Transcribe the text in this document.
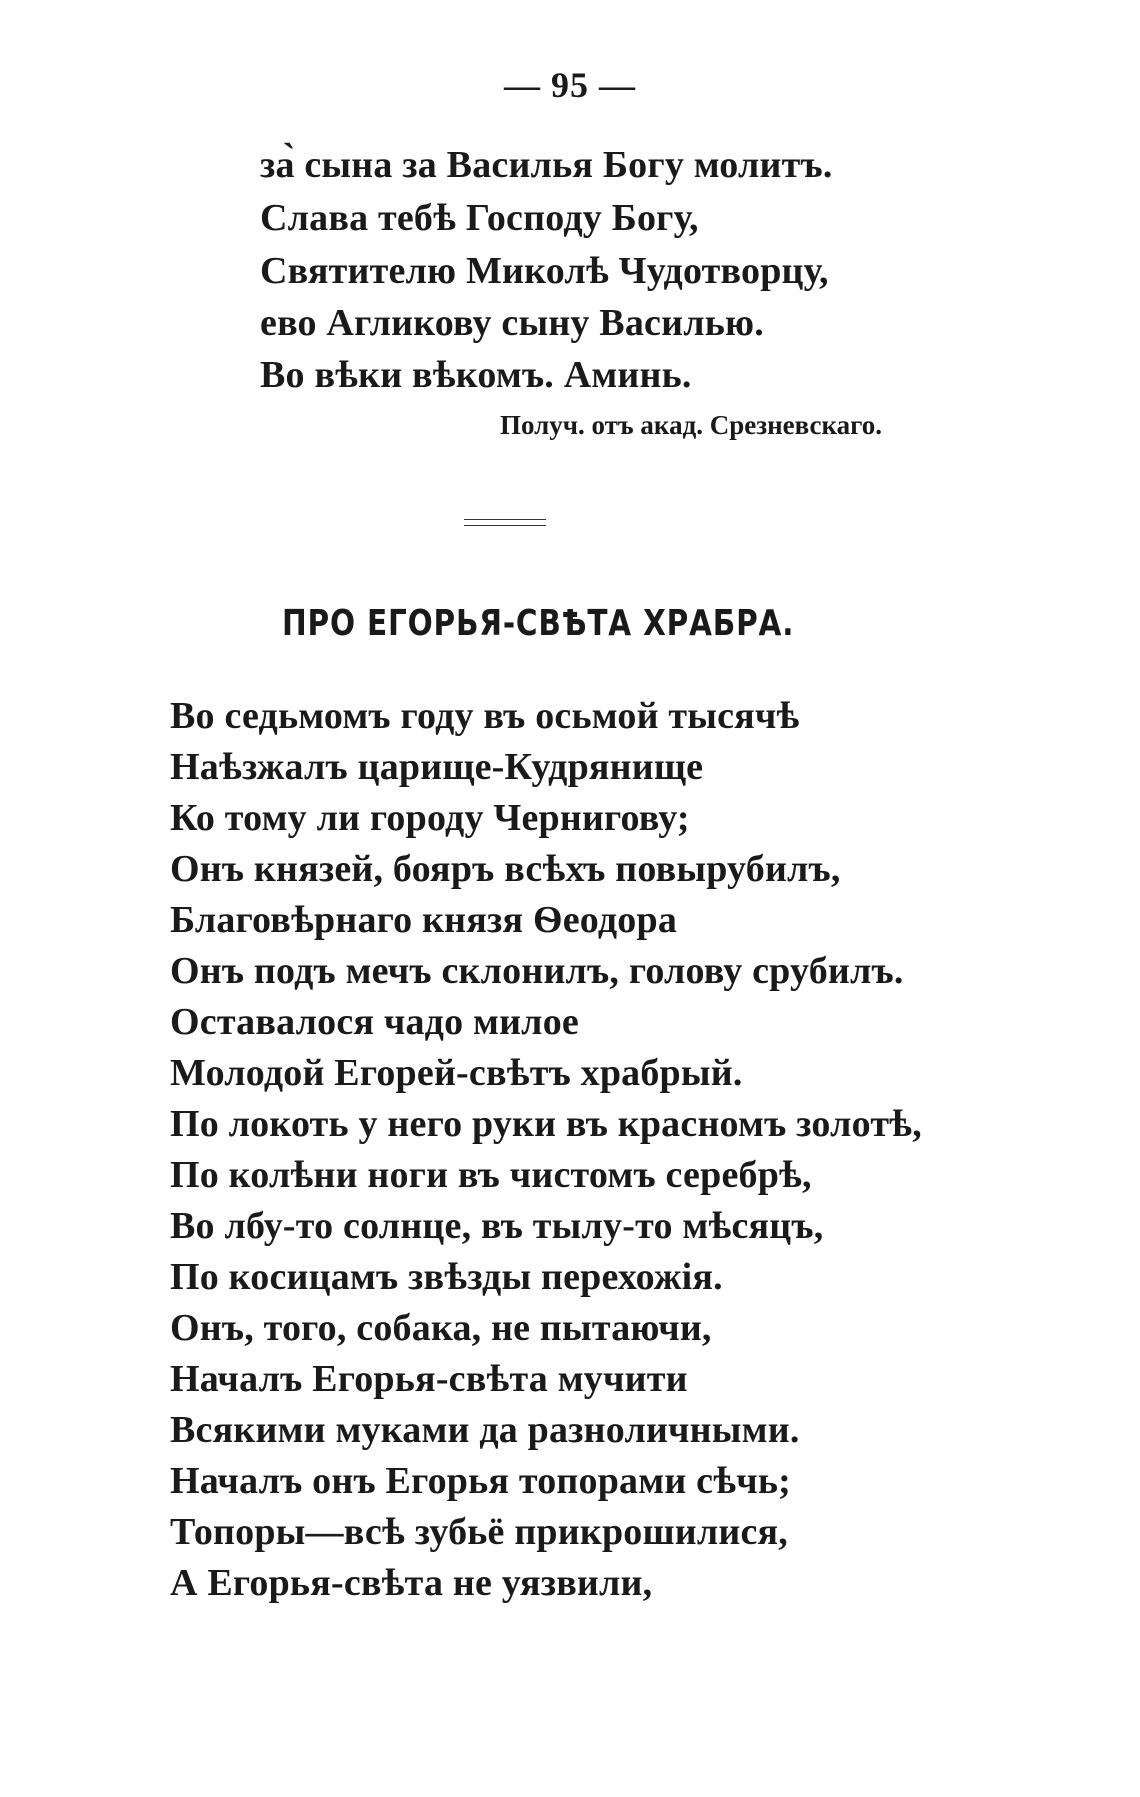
— 95 —
за̀ сына за Василья Богу молитъ.
Слава тебѣ Господу Богу,
Святителю Миколѣ Чудотворцу,
ево Агликову сыну Василью.
Во вѣки вѣкомъ. Аминь.
Получ. отъ акад. Срезневскаго.
ПРО ЕГОРЬЯ-СВѢТА ХРАБРА.
Во седьмомъ году въ осьмой тысячѣ
Наѣзжалъ царище-Кудрянище
Ко тому ли городу Чернигову;
Онъ князей, бояръ всѣхъ повырубилъ,
Благовѣрнаго князя Ѳеодора
Онъ подъ мечъ склонилъ, голову срубилъ.
Оставалося чадо милое
Молодой Егорей-свѣтъ храбрый.
По локоть у него руки въ красномъ золотѣ,
По колѣни ноги въ чистомъ серебрѣ,
Во лбу-то солнце, въ тылу-то мѣсяцъ,
По косицамъ звѣзды перехожія.
Онъ, того, собака, не пытаючи,
Началъ Егорья-свѣта мучити
Всякими муками да разноличными.
Началъ онъ Егорья топорами сѣчь;
Топоры—всѣ зубьё прикрошилися,
А Егорья-свѣта не уязвили,
